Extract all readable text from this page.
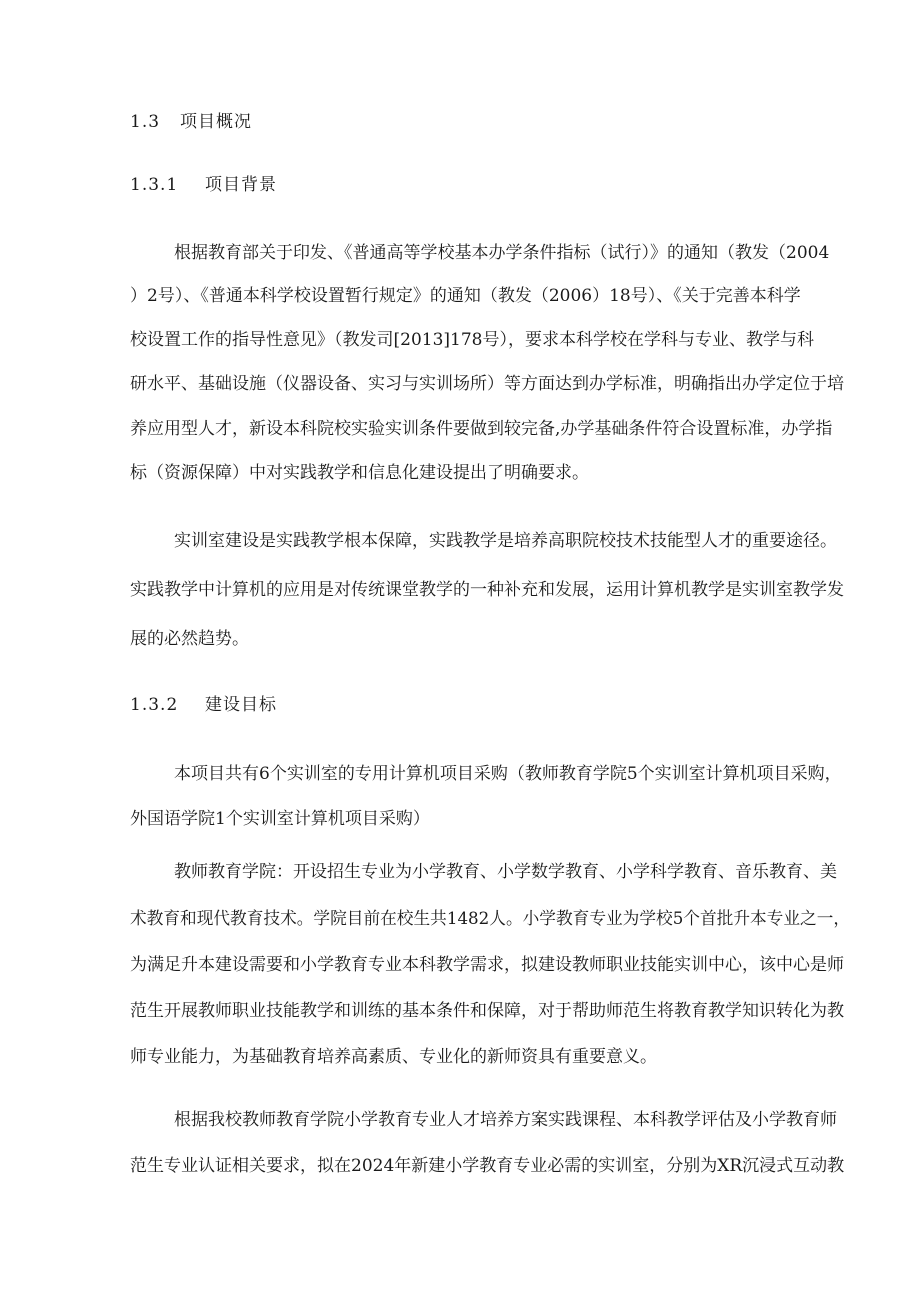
1.3 项目概况
1.3.1 项目背景
根据教育部关于印发、《普通高等学校基本办学条件指标（试行）》的通知（教发（2004
）2号）、《普通本科学校设置暂行规定》的通知（教发（2006）18号）、《关于完善本科学
校设置工作的指导性意见》（教发司[2013]178号），要求本科学校在学科与专业、教学与科
研水平、基础设施（仪器设备、实习与实训场所）等方面达到办学标准，明确指出办学定位于培
养应用型人才，新设本科院校实验实训条件要做到较完备,办学基础条件符合设置标准，办学指
标（资源保障）中对实践教学和信息化建设提出了明确要求。
实训室建设是实践教学根本保障，实践教学是培养高职院校技术技能型人才的重要途径。
实践教学中计算机的应用是对传统课堂教学的一种补充和发展，运用计算机教学是实训室教学发
展的必然趋势。
1.3.2 建设目标
本项目共有6个实训室的专用计算机项目采购（教师教育学院5个实训室计算机项目采购，
外国语学院1个实训室计算机项目采购）
教师教育学院：开设招生专业为小学教育、小学数学教育、小学科学教育、音乐教育、美
术教育和现代教育技术。学院目前在校生共1482人。小学教育专业为学校5个首批升本专业之一，
为满足升本建设需要和小学教育专业本科教学需求，拟建设教师职业技能实训中心，该中心是师
范生开展教师职业技能教学和训练的基本条件和保障，对于帮助师范生将教育教学知识转化为教
师专业能力，为基础教育培养高素质、专业化的新师资具有重要意义。
根据我校教师教育学院小学教育专业人才培养方案实践课程、本科教学评估及小学教育师
范生专业认证相关要求，拟在2024年新建小学教育专业必需的实训室，分别为XR沉浸式互动教
